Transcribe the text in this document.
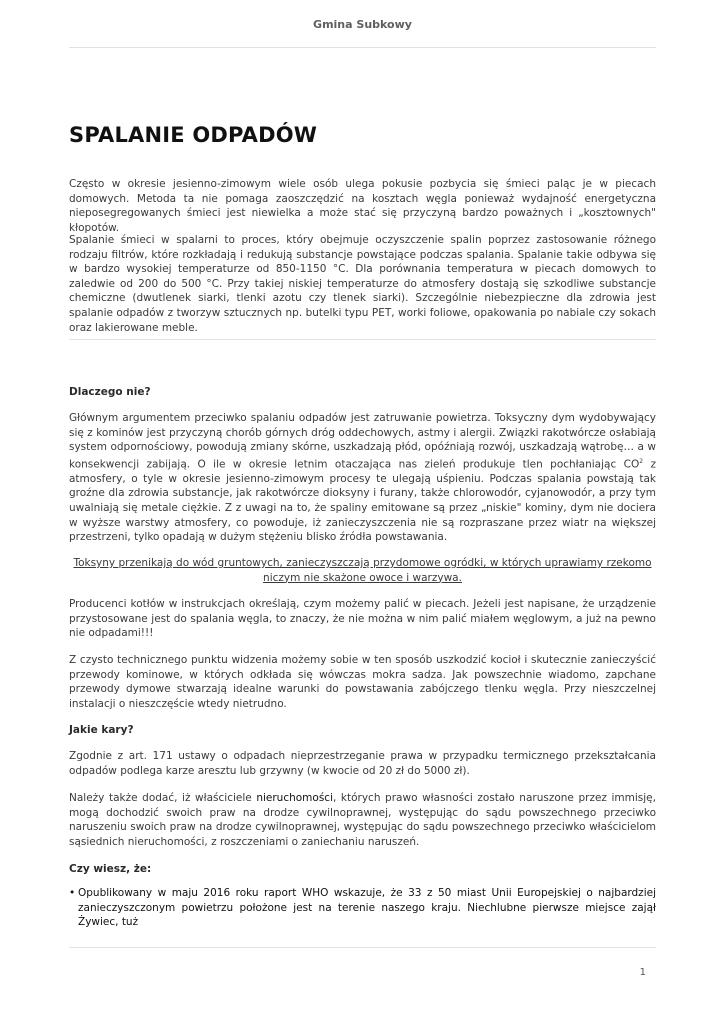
Gmina Subkowy
SPALANIE ODPADÓW

Często w okresie jesienno-zimowym wiele osób ulega pokusie pozbycia się śmieci paląc je w piecach domowych. Metoda ta nie pomaga zaoszczędzić na kosztach węgla ponieważ wydajność energetyczna nieposegregowanych śmieci jest niewielka a może stać się przyczyną bardzo poważnych i „kosztownych" kłopotów.

Spalanie śmieci w spalarni to proces, który obejmuje oczyszczenie spalin poprzez zastosowanie różnego rodzaju filtrów, które rozkładają i redukują substancje powstające podczas spalania. Spalanie takie odbywa się w bardzo wysokiej temperaturze od 850-1150 °C. Dla porównania temperatura w piecach domowych to zaledwie od 200 do 500 °C. Przy takiej niskiej temperaturze do atmosfery dostają się szkodliwe substancje chemiczne (dwutlenek siarki, tlenki azotu czy tlenek siarki). Szczególnie niebezpieczne dla zdrowia jest spalanie odpadów z tworzyw sztucznych np. butelki typu PET, worki foliowe, opakowania po nabiale czy sokach oraz lakierowane meble.

Dlaczego nie?

Głównym argumentem przeciwko spalaniu odpadów jest zatruwanie powietrza. Toksyczny dym wydobywający się z kominów jest przyczyną chorób górnych dróg oddechowych, astmy i alergii. Związki rakotwórcze osłabiają system odpornościowy, powodują zmiany skórne, uszkadzają płód, opóźniają rozwój, uszkadzają wątrobę… a w konsekwencji zabijają. O ile w okresie letnim otaczająca nas zieleń produkuje tlen pochłaniając $CO^2$ z atmosfery, o tyle w okresie jesienno-zimowym procesy te ulegają uśpieniu. Podczas spalania powstają tak groźne dla zdrowia substancje, jak rakotwórcze dioksyny i furany, także chlorowodór, cyjanowodór, a przy tym uwalniają się metale ciężkie. Z z uwagi na to, że spaliny emitowane są przez „niskie" kominy, dym nie dociera w wyższe warstwy atmosfery, co powoduje, iż zanieczyszczenia nie są rozpraszane przez wiatr na większej przestrzeni, tylko opadają w dużym stężeniu blisko źródła powstawania.

Toksyny przenikają do wód gruntowych, zanieczyszczają przydomowe ogródki, w których uprawiamy rzekomo niczym nie skażone owoce i warzywa.

Producenci kotłów w instrukcjach określają, czym możemy palić w piecach. Jeżeli jest napisane, że urządzenie przystosowane jest do spalania węgla, to znaczy, że nie można w nim palić miałem węglowym, a już na pewno nie odpadami!!!

Z czysto technicznego punktu widzenia możemy sobie w ten sposób uszkodzić kocioł i skutecznie zanieczyścić przewody kominowe, w których odkłada się wówczas mokra sadza. Jak powszechnie wiadomo, zapchane przewody dymowe stwarzają idealne warunki do powstawania zabójczego tlenku węgla. Przy nieszczelnej instalacji o nieszczęście wtedy nietrudno.

Jakie kary?

Zgodnie z art. 171 ustawy o odpadach nieprzestrzeganie prawa w przypadku termicznego przekształcania odpadów podlega karze aresztu lub grzywny (w kwocie od 20 zł do 5000 zł).

Należy także dodać, iż właściciele nieruchomości, których prawo własności zostało naruszone przez immisję, mogą dochodzić swoich praw na drodze cywilnoprawnej, występując do sądu powszechnego przeciwko naruszeniu swoich praw na drodze cywilnoprawnej, występując do sądu powszechnego przeciwko właścicielom sąsiednich nieruchomości, z roszczeniami o zaniechaniu naruszeń.

Czy wiesz, że:
• Opublikowany w maju 2016 roku raport WHO wskazuje, że 33 z 50 miast Unii Europejskiej o najbardziej zanieczyszczonym powietrzu położone jest na terenie naszego kraju. Niechlubne pierwsze miejsce zajął Żywiec, tuż
1
